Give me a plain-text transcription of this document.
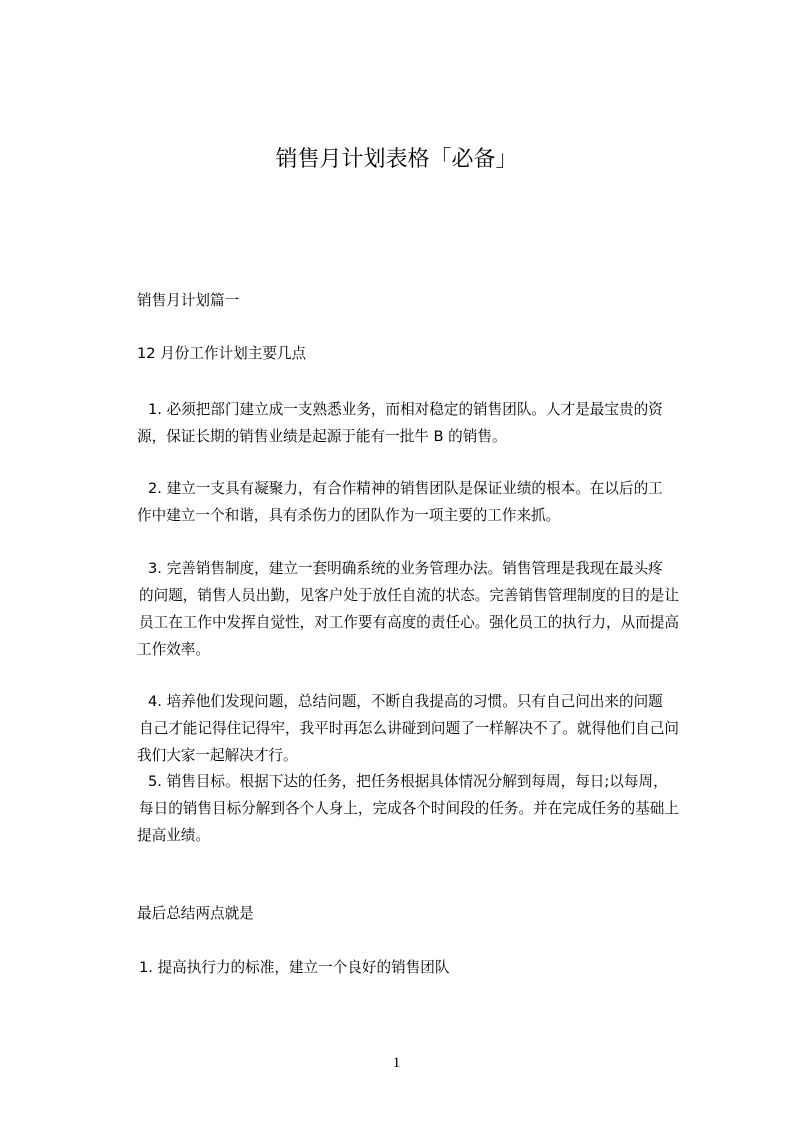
销售月计划表格「必备」
销售月计划篇一
12 月份工作计划主要几点
1. 必须把部门建立成一支熟悉业务，而相对稳定的销售团队。人才是最宝贵的资
源，保证长期的销售业绩是起源于能有一批牛 B 的销售。
2. 建立一支具有凝聚力，有合作精神的销售团队是保证业绩的根本。在以后的工
作中建立一个和谐，具有杀伤力的团队作为一项主要的工作来抓。
3. 完善销售制度，建立一套明确系统的业务管理办法。销售管理是我现在最头疼
的问题，销售人员出勤，见客户处于放任自流的状态。完善销售管理制度的目的是让
员工在工作中发挥自觉性，对工作要有高度的责任心。强化员工的执行力，从而提高
工作效率。
4. 培养他们发现问题，总结问题，不断自我提高的习惯。只有自己问出来的问题
自己才能记得住记得牢，我平时再怎么讲碰到问题了一样解决不了。就得他们自己问
我们大家一起解决才行。
5. 销售目标。根据下达的任务，把任务根据具体情况分解到每周，每日;以每周，
每日的销售目标分解到各个人身上，完成各个时间段的任务。并在完成任务的基础上
提高业绩。
最后总结两点就是
1. 提高执行力的标准，建立一个良好的销售团队
1
